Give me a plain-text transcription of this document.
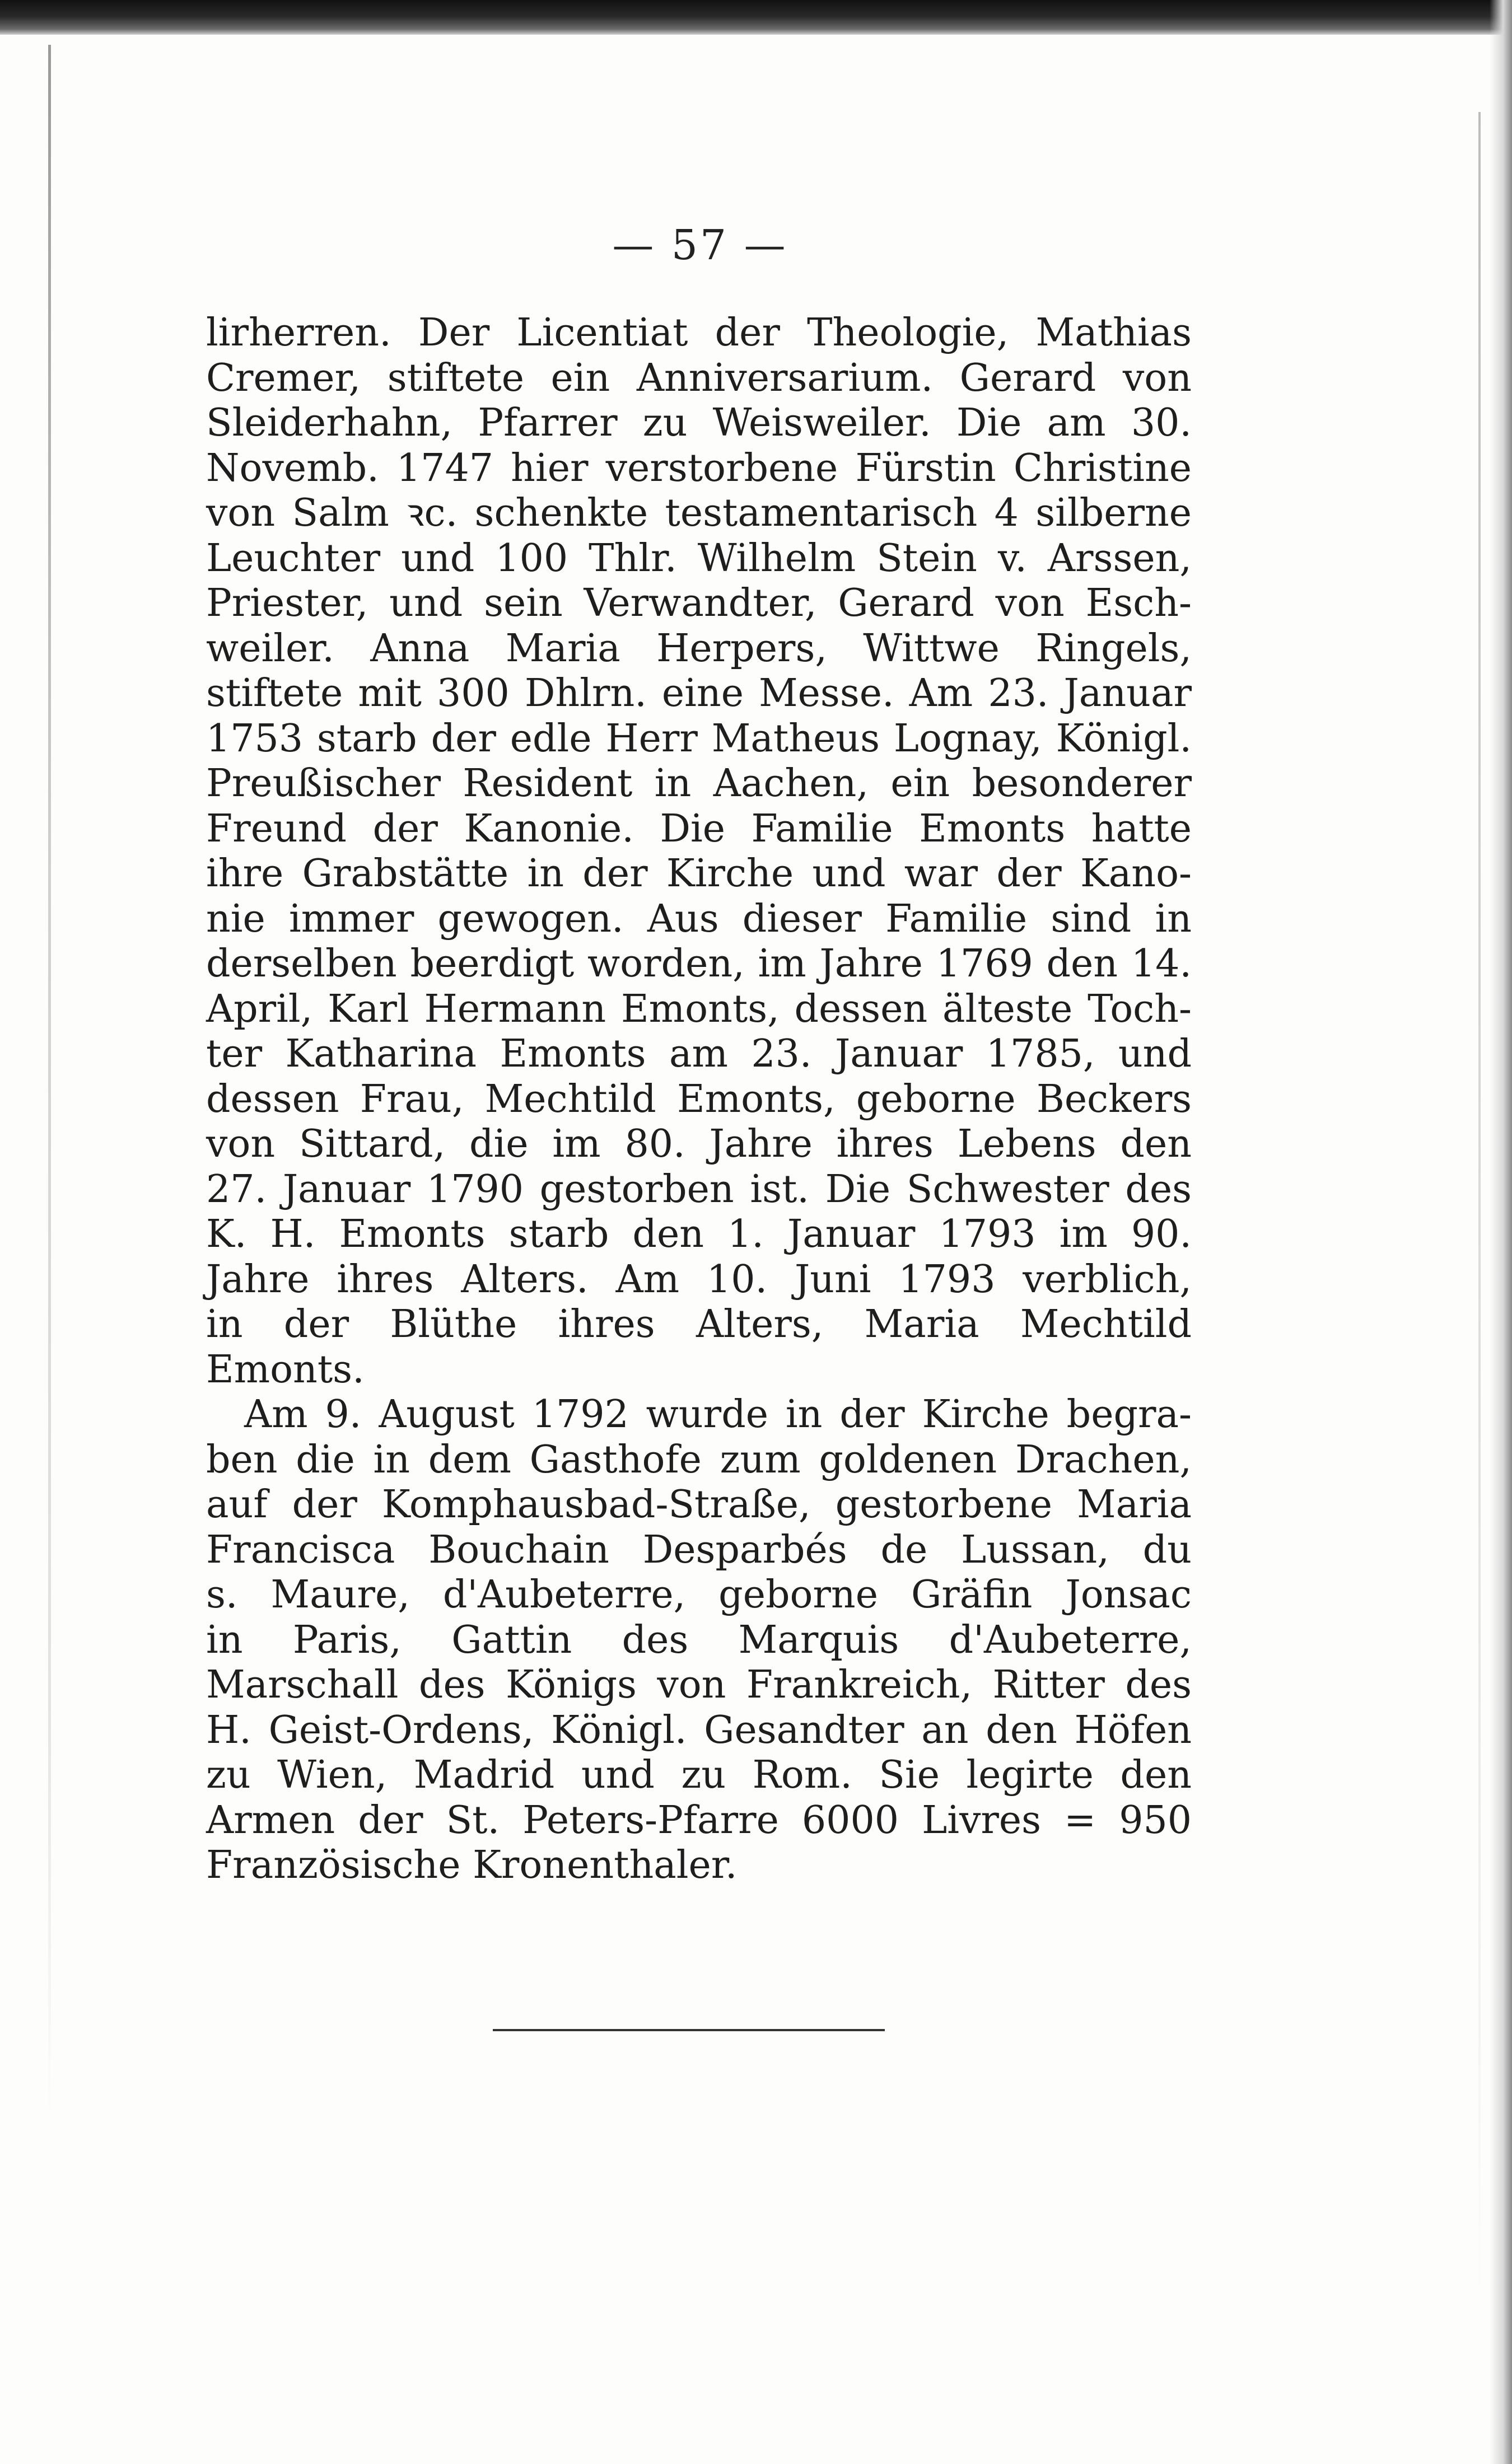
— 57 —
lirherren. Der Licentiat der Theologie, Mathias
Cremer, stiftete ein Anniversarium. Gerard von
Sleiderhahn, Pfarrer zu Weisweiler. Die am 30.
Novemb. 1747 hier verstorbene Fürstin Christine
von Salm ꝛc. schenkte testamentarisch 4 silberne
Leuchter und 100 Thlr. Wilhelm Stein v. Arssen,
Priester, und sein Verwandter, Gerard von Esch-
weiler. Anna Maria Herpers, Wittwe Ringels,
stiftete mit 300 Dhlrn. eine Messe. Am 23. Januar
1753 starb der edle Herr Matheus Lognay, Königl.
Preußischer Resident in Aachen, ein besonderer
Freund der Kanonie. Die Familie Emonts hatte
ihre Grabstätte in der Kirche und war der Kano-
nie immer gewogen. Aus dieser Familie sind in
derselben beerdigt worden, im Jahre 1769 den 14.
April, Karl Hermann Emonts, dessen älteste Toch-
ter Katharina Emonts am 23. Januar 1785, und
dessen Frau, Mechtild Emonts, geborne Beckers
von Sittard, die im 80. Jahre ihres Lebens den
27. Januar 1790 gestorben ist. Die Schwester des
K. H. Emonts starb den 1. Januar 1793 im 90.
Jahre ihres Alters. Am 10. Juni 1793 verblich,
in der Blüthe ihres Alters, Maria Mechtild
Emonts.
Am 9. August 1792 wurde in der Kirche begra-
ben die in dem Gasthofe zum goldenen Drachen,
auf der Komphausbad-Straße, gestorbene Maria
Francisca Bouchain Desparbés de Lussan, du
s. Maure, d'Aubeterre, geborne Gräfin Jonsac
in Paris, Gattin des Marquis d'Aubeterre,
Marschall des Königs von Frankreich, Ritter des
H. Geist-Ordens, Königl. Gesandter an den Höfen
zu Wien, Madrid und zu Rom. Sie legirte den
Armen der St. Peters-Pfarre 6000 Livres = 950
Französische Kronenthaler.
